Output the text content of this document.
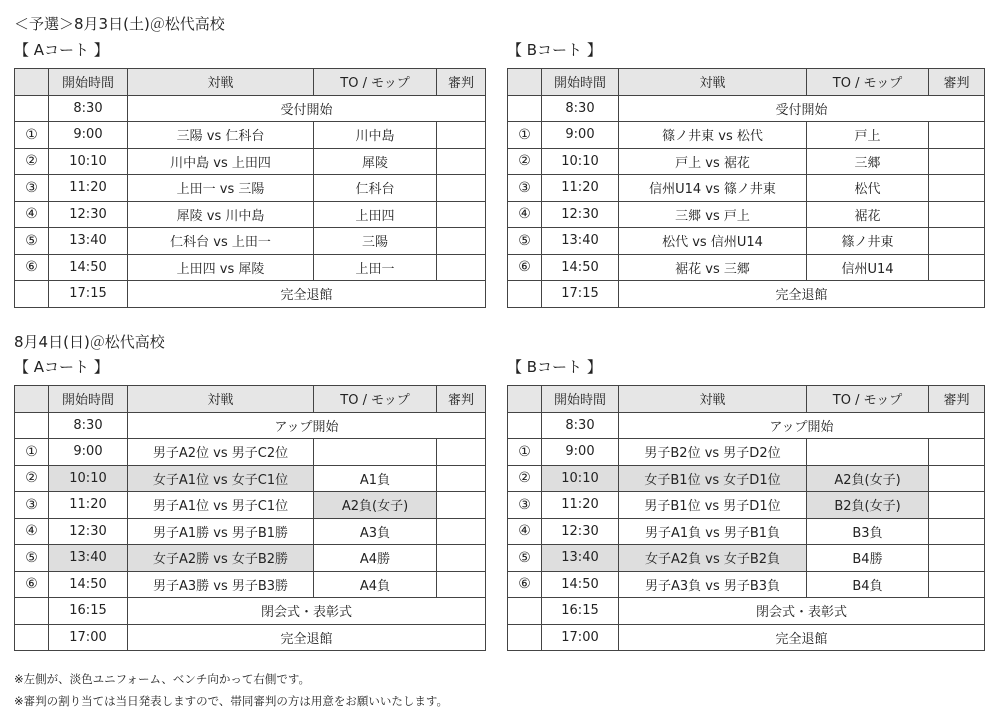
＜予選＞8月3日(土)＠松代高校
【 Aコート 】	【 Bコート 】
	開始時間	対戦	TO / モップ	審判
	8:30	受付開始		
①	9:00	三陽 vs 仁科台	川中島	
②	10:10	川中島 vs 上田四	犀陵	
③	11:20	上田一 vs 三陽	仁科台	
④	12:30	犀陵 vs 川中島	上田四	
⑤	13:40	仁科台 vs 上田一	三陽	
⑥	14:50	上田四 vs 犀陵	上田一	
	17:15	完全退館		
	開始時間	対戦	TO / モップ	審判
	8:30	受付開始		
①	9:00	篠ノ井東 vs 松代	戸上	
②	10:10	戸上 vs 裾花	三郷	
③	11:20	信州U14 vs 篠ノ井東	松代	
④	12:30	三郷 vs 戸上	裾花	
⑤	13:40	松代 vs 信州U14	篠ノ井東	
⑥	14:50	裾花 vs 三郷	信州U14	
	17:15	完全退館		
8月4日(日)＠松代高校
【 Aコート 】	【 Bコート 】
	開始時間	対戦	TO / モップ	審判
	8:30	アップ開始		
①	9:00	男子A2位 vs 男子C2位		
②	10:10	女子A1位 vs 女子C1位	A1負	
③	11:20	男子A1位 vs 男子C1位	A2負(女子)	
④	12:30	男子A1勝 vs 男子B1勝	A3負	
⑤	13:40	女子A2勝 vs 女子B2勝	A4勝	
⑥	14:50	男子A3勝 vs 男子B3勝	A4負	
	16:15	閉会式・表彰式		
	17:00	完全退館		
	開始時間	対戦	TO / モップ	審判
	8:30	アップ開始		
①	9:00	男子B2位 vs 男子D2位		
②	10:10	女子B1位 vs 女子D1位	A2負(女子)	
③	11:20	男子B1位 vs 男子D1位	B2負(女子)	
④	12:30	男子A1負 vs 男子B1負	B3負	
⑤	13:40	女子A2負 vs 女子B2負	B4勝	
⑥	14:50	男子A3負 vs 男子B3負	B4負	
	16:15	閉会式・表彰式		
	17:00	完全退館		
※左側が、淡色ユニフォーム、ベンチ向かって右側です。
※審判の割り当ては当日発表しますので、帯同審判の方は用意をお願いいたします。
